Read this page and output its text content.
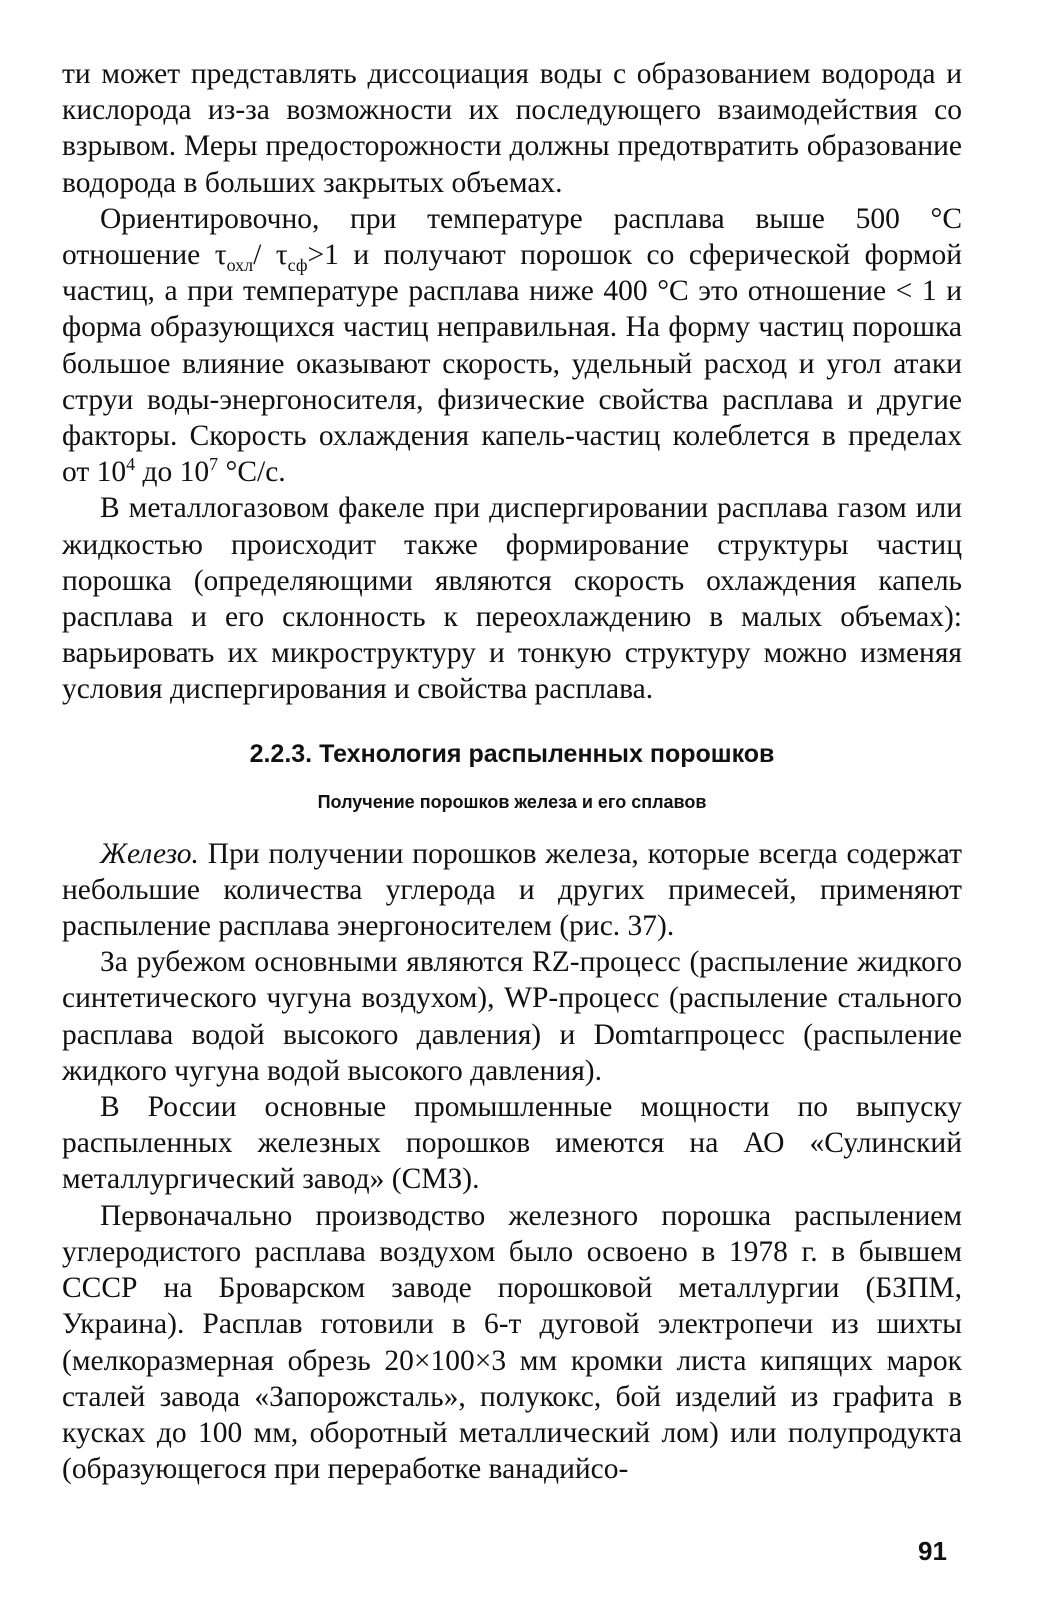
ти может представлять диссоциация воды с образованием водорода и кислорода из-за возможности их последующего взаимодействия со взрывом. Меры предосторожности должны предотвратить образование водорода в больших закрытых объемах.

Ориентировочно, при температуре расплава выше 500 °С отношение $\tau_{охл}/$ $\tau_{сф}>1$ и получают порошок со сферической формой частиц, а при температуре расплава ниже 400 °С это отношение < 1 и форма образующихся частиц неправильная. На форму частиц порошка большое влияние оказывают скорость, удельный расход и угол атаки струи воды-энергоносителя, физические свойства расплава и другие факторы. Скорость охлаждения капель-частиц колеблется в пределах от $10^4$ до $10^7$ °С/с.

В металлогазовом факеле при диспергировании расплава газом или жидкостью происходит также формирование структуры частиц порошка (определяющими являются скорость охлаждения капель расплава и его склонность к переохлаждению в малых объемах): варьировать их микроструктуру и тонкую структуру можно изменяя условия диспергирования и свойства расплава.

2.2.3. Технология распыленных порошков
Получение порошков железа и его сплавов

Железо. При получении порошков железа, которые всегда содержат небольшие количества углерода и других примесей, применяют распыление расплава энергоносителем (рис. 37).

За рубежом основными являются RZ-процесс (распыление жидкого синтетического чугуна воздухом), WP-процесс (распыление стального расплава водой высокого давления) и Domtarпроцесс (распыление жидкого чугуна водой высокого давления).

В России основные промышленные мощности по выпуску распыленных железных порошков имеются на АО «Сулинский металлургический завод» (СМЗ).

Первоначально производство железного порошка распылением углеродистого расплава воздухом было освоено в 1978 г. в бывшем СССР на Броварском заводе порошковой металлургии (БЗПМ, Украина). Расплав готовили в 6-т дуговой электропечи из шихты (мелкоразмерная обрезь 20×100×3 мм кромки листа кипящих марок сталей завода «Запорожсталь», полукокс, бой изделий из графита в кусках до 100 мм, оборотный металлический лом) или полупродукта (образующегося при переработке ванадийсо-

91
